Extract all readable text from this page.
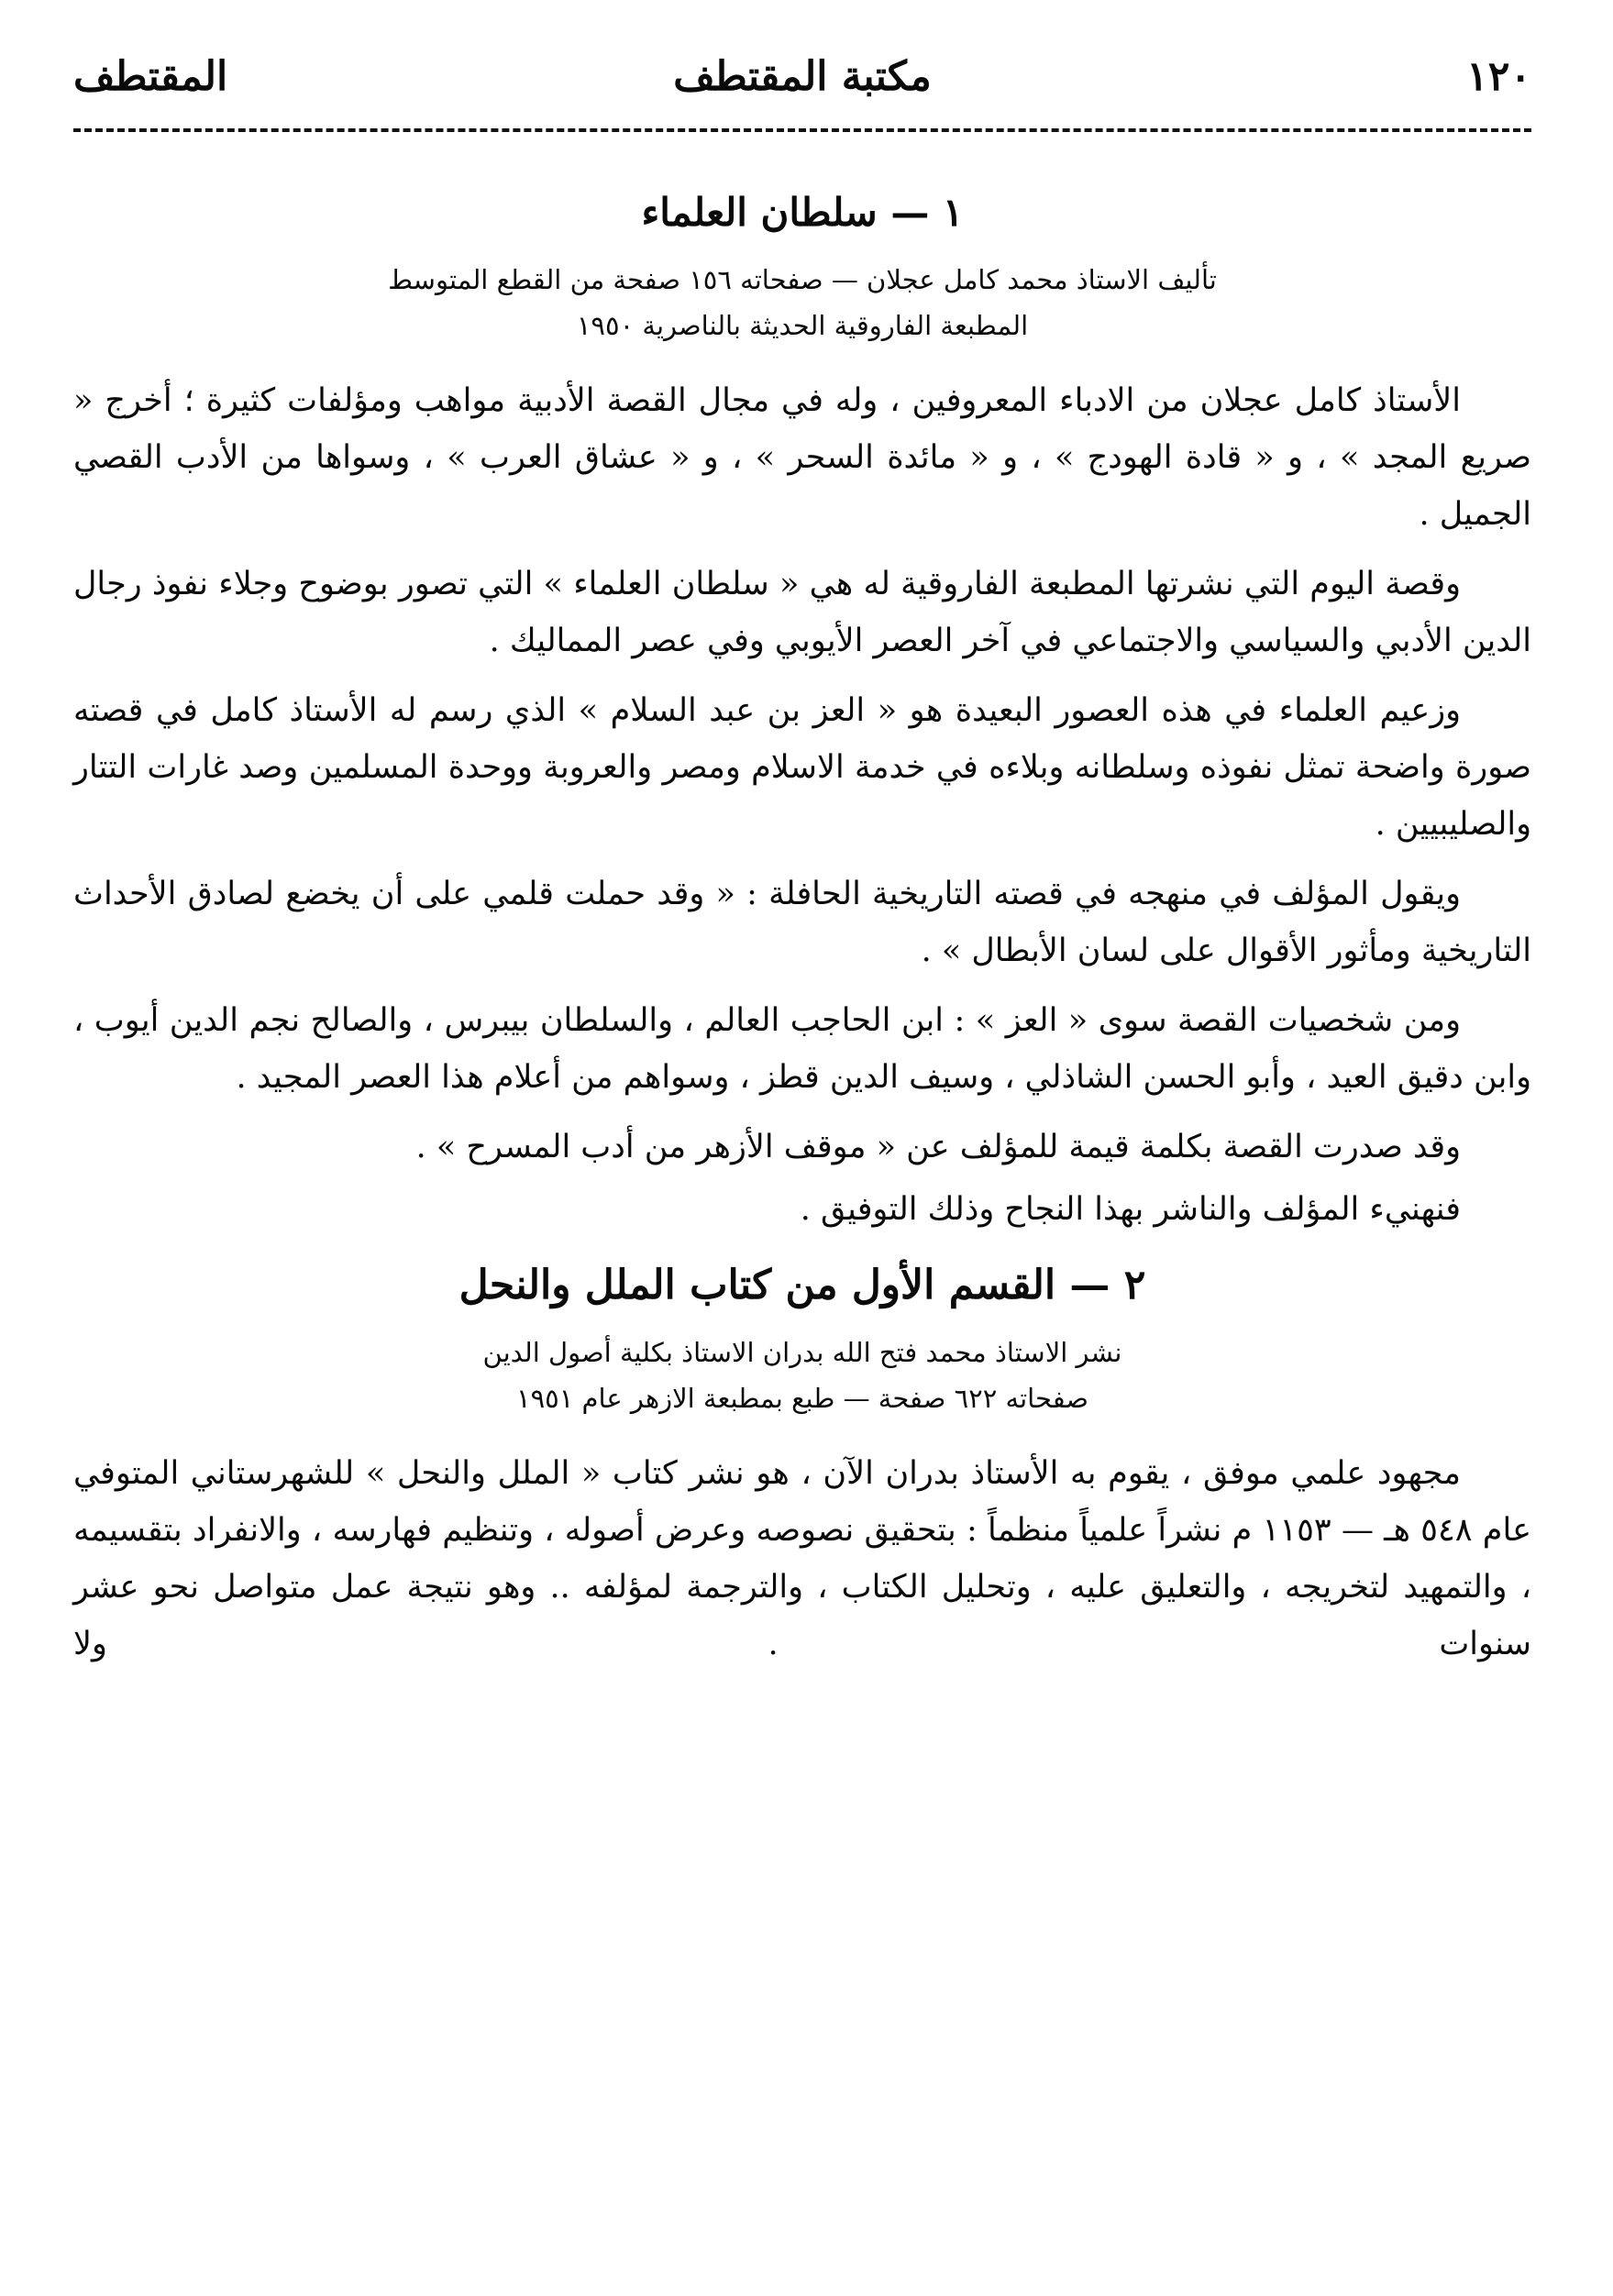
١٢٠
مكتبة المقتطف
المقتطف
١ — سلطان العلماء
تأليف الاستاذ محمد كامل عجلان — صفحاته ١٥٦ صفحة من القطع المتوسط
المطبعة الفاروقية الحديثة بالناصرية ١٩٥٠

الأستاذ كامل عجلان من الادباء المعروفين ، وله في مجال القصة الأدبية مواهب ومؤلفات كثيرة ؛ أخرج « صريع المجد » ، و « قادة الهودج » ، و « مائدة السحر » ، و « عشاق العرب » ، وسواها من الأدب القصي الجميل .

وقصة اليوم التي نشرتها المطبعة الفاروقية له هي « سلطان العلماء » التي تصور بوضوح وجلاء نفوذ رجال الدين الأدبي والسياسي والاجتماعي في آخر العصر الأيوبي وفي عصر المماليك .

وزعيم العلماء في هذه العصور البعيدة هو « العز بن عبد السلام » الذي رسم له الأستاذ كامل في قصته صورة واضحة تمثل نفوذه وسلطانه وبلاءه في خدمة الاسلام ومصر والعروبة ووحدة المسلمين وصد غارات التتار والصليبيين .

ويقول المؤلف في منهجه في قصته التاريخية الحافلة : « وقد حملت قلمي على أن يخضع لصادق الأحداث التاريخية ومأثور الأقوال على لسان الأبطال » .

ومن شخصيات القصة سوى « العز » : ابن الحاجب العالم ، والسلطان بيبرس ، والصالح نجم الدين أيوب ، وابن دقيق العيد ، وأبو الحسن الشاذلي ، وسيف الدين قطز ، وسواهم من أعلام هذا العصر المجيد .

وقد صدرت القصة بكلمة قيمة للمؤلف عن « موقف الأزهر من أدب المسرح » .

فنهنيء المؤلف والناشر بهذا النجاح وذلك التوفيق .

٢ — القسم الأول من كتاب الملل والنحل
نشر الاستاذ محمد فتح الله بدران الاستاذ بكلية أصول الدين
صفحاته ٦٢٢ صفحة — طبع بمطبعة الازهر عام ١٩٥١

مجهود علمي موفق ، يقوم به الأستاذ بدران الآن ، هو نشر كتاب « الملل والنحل » للشهرستاني المتوفي عام ٥٤٨ هـ — ١١٥٣ م نشراً علمياً منظماً : بتحقيق نصوصه وعرض أصوله ، وتنظيم فهارسه ، والانفراد بتقسيمه ، والتمهيد لتخريجه ، والتعليق عليه ، وتحليل الكتاب ، والترجمة لمؤلفه .. وهو نتيجة عمل متواصل نحو عشر سنوات . ولا
